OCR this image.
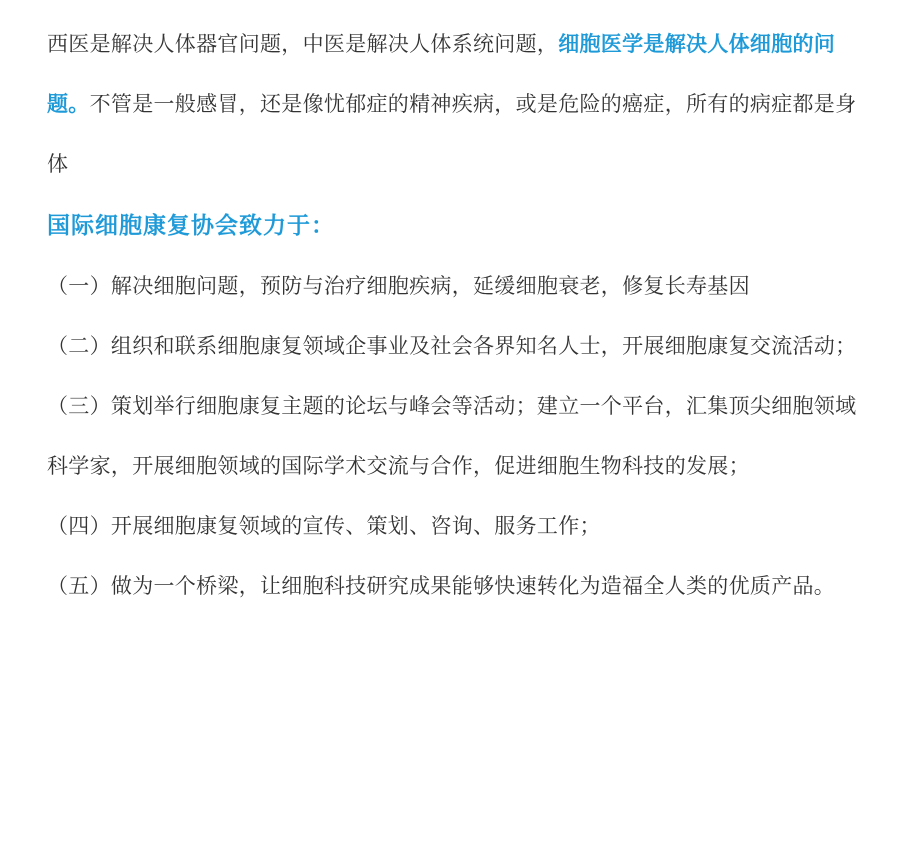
西医是解决人体器官问题，中医是解决人体系统问题，细胞医学是解决人体细胞的问题。不管是一般感冒，还是像忧郁症的精神疾病，或是危险的癌症，所有的病症都是身体

国际细胞康复协会致力于：

（一）解决细胞问题，预防与治疗细胞疾病，延缓细胞衰老，修复长寿基因

（二）组织和联系细胞康复领域企事业及社会各界知名人士，开展细胞康复交流活动；

（三）策划举行细胞康复主题的论坛与峰会等活动；建立一个平台，汇集顶尖细胞领域科学家，开展细胞领域的国际学术交流与合作，促进细胞生物科技的发展；

（四）开展细胞康复领域的宣传、策划、咨询、服务工作；

（五）做为一个桥梁，让细胞科技研究成果能够快速转化为造福全人类的优质产品。
